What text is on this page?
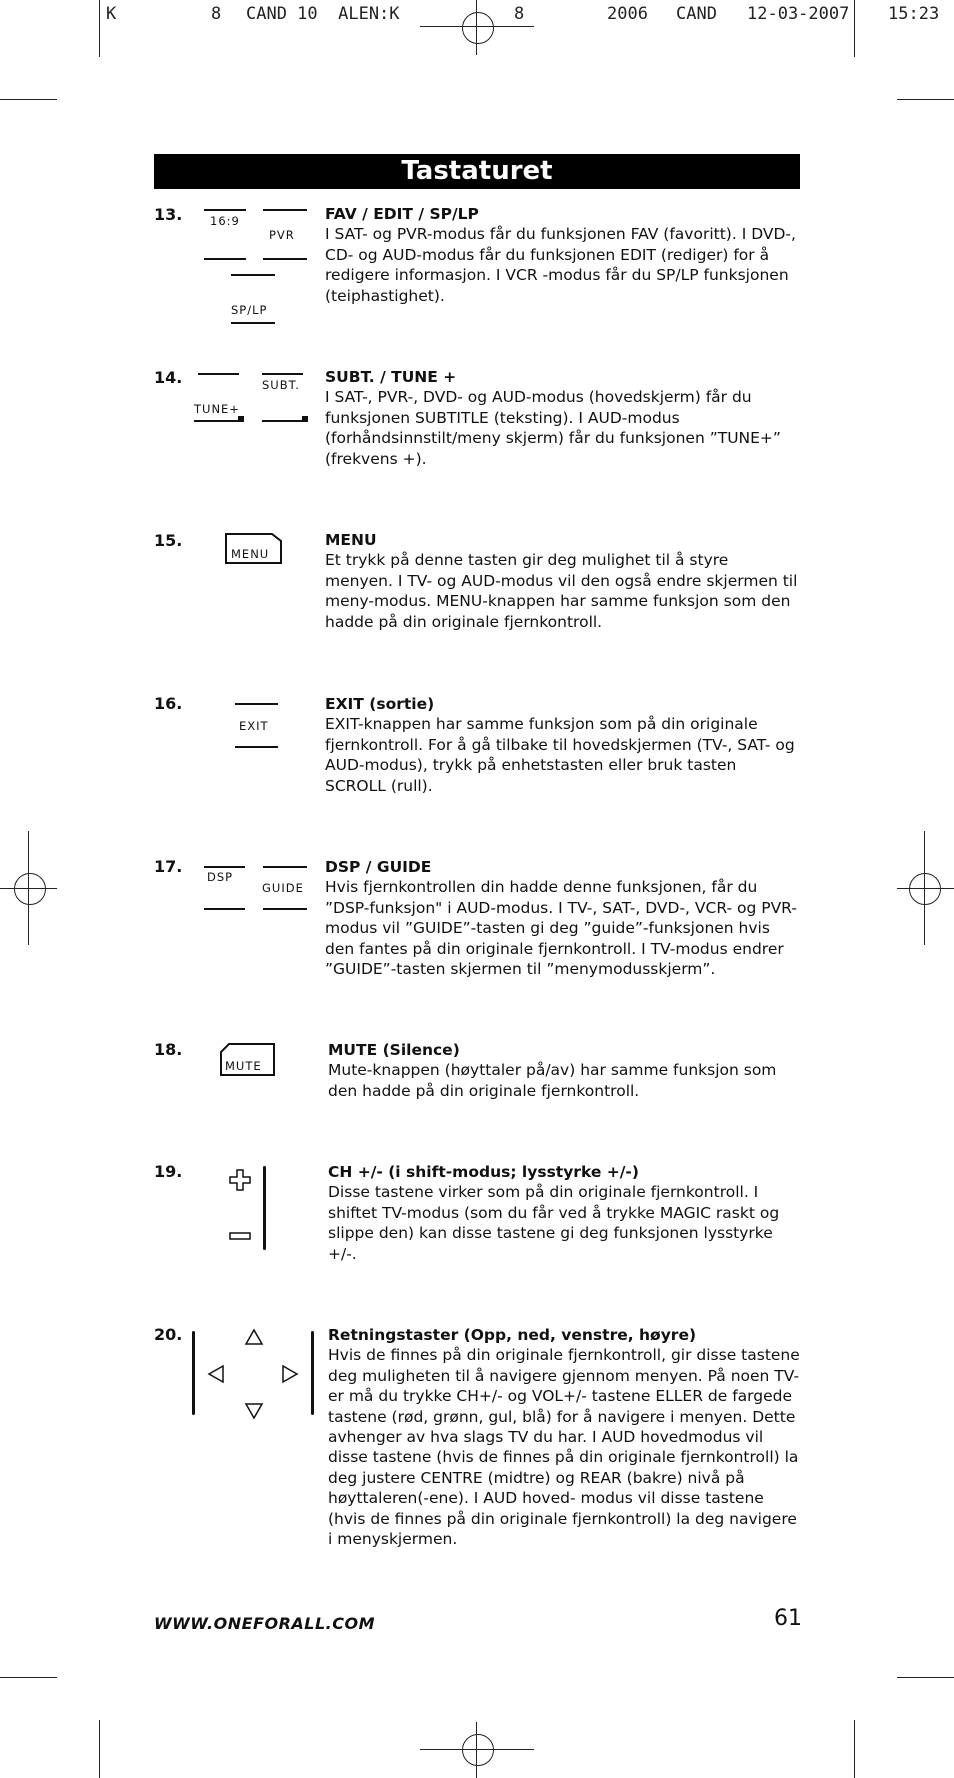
K	8 CAND 10  ALEN:K	8	2006 CAND 12-03-2007 15:23
Tastaturet
13. 16:9
PVR
SP/LP
FAV / EDIT / SP/LP
I SAT- og PVR-modus får du funksjonen FAV (favoritt). I DVD-, CD- og AUD-modus får du funksjonen EDIT (rediger) for å redigere informasjon. I VCR -modus får du SP/LP funksjonen (teiphastighet).
14.	SUBT.
TUNE+
SUBT. / TUNE +
I SAT-, PVR-, DVD- og AUD-modus (hovedskjerm) får du funksjonen SUBTITLE (teksting). I AUD-modus (forhåndsinnstilt/meny skjerm) får du funksjonen ”TUNE+” (frekvens +).
15.
MENU
MENU
Et trykk på denne tasten gir deg mulighet til å styre menyen. I TV- og AUD-modus vil den også endre skjermen til meny-modus. MENU-knappen har samme funksjon som den hadde på din originale fjernkontroll.
16.
EXIT
EXIT (sortie)
EXIT-knappen har samme funksjon som på din originale fjernkontroll. For å gå tilbake til hovedskjermen (TV-, SAT- og AUD-modus), trykk på enhetstasten eller bruk tasten SCROLL (rull).
17.
DSP
GUIDE
DSP / GUIDE
Hvis fjernkontrollen din hadde denne funksjonen, får du ”DSP-funksjon" i AUD-modus. I TV-, SAT-, DVD-, VCR- og PVR-modus vil ”GUIDE”-tasten gi deg ”guide”-funksjonen hvis den fantes på din originale fjernkontroll. I TV-modus endrer ”GUIDE”-tasten skjermen til ”menymodusskjerm”.
18.
MUTE
MUTE (Silence)
Mute-knappen (høyttaler på/av) har samme funksjon som den hadde på din originale fjernkontroll.
19.	CH +/- (i shift-modus; lysstyrke +/-)
Disse tastene virker som på din originale fjernkontroll. I shiftet TV-modus (som du får ved å trykke MAGIC raskt og slippe den) kan disse tastene gi deg funksjonen lysstyrke +/-.
20.	Retningstaster (Opp, ned, venstre, høyre)
Hvis de finnes på din originale fjernkontroll, gir disse tastene deg muligheten til å navigere gjennom menyen. På noen TV-er må du trykke CH+/- og VOL+/- tastene ELLER de fargede tastene (rød, grønn, gul, blå) for å navigere i menyen. Dette avhenger av hva slags TV du har. I AUD hovedmodus vil disse tastene (hvis de finnes på din originale fjernkontroll) la deg justere CENTRE (midtre) og REAR (bakre) nivå på høyttaleren(-ene). I AUD hoved- modus vil disse tastene (hvis de finnes på din originale fjernkontroll) la deg navigere i menyskjermen.
WWW.ONEFORALL.COM	61
